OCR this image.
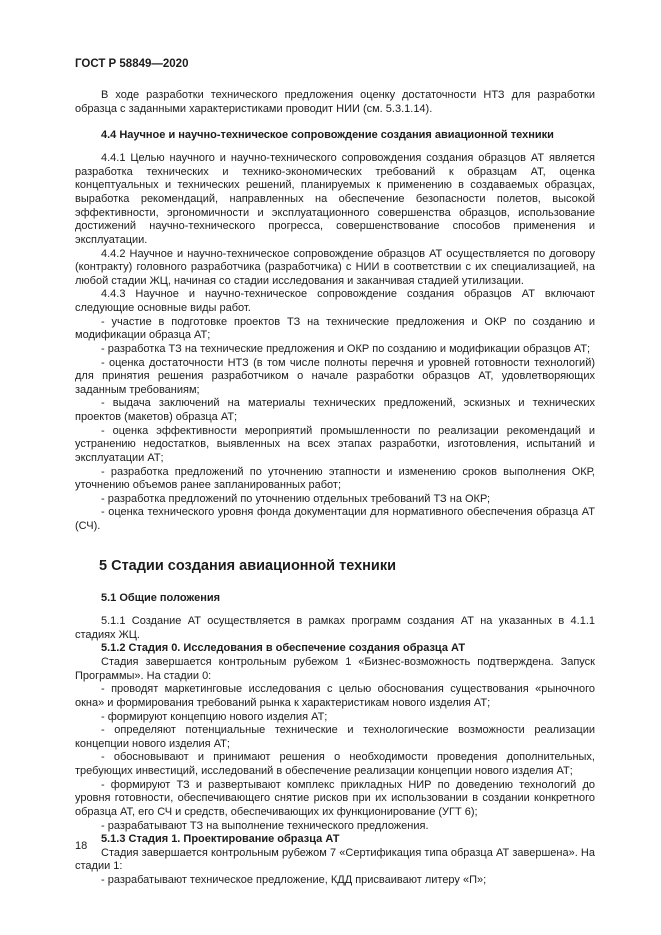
ГОСТ Р 58849—2020
В ходе разработки технического предложения оценку достаточности НТЗ для разработки образца с заданными характеристиками проводит НИИ (см. 5.3.1.14).
4.4 Научное и научно-техническое сопровождение создания авиационной техники
4.4.1 Целью научного и научно-технического сопровождения создания образцов АТ является разработка технических и технико-экономических требований к образцам АТ, оценка концептуальных и технических решений, планируемых к применению в создаваемых образцах, выработка рекомендаций, направленных на обеспечение безопасности полетов, высокой эффективности, эргономичности и эксплуатационного совершенства образцов, использование достижений научно-технического прогресса, совершенствование способов применения и эксплуатации.
4.4.2 Научное и научно-техническое сопровождение образцов АТ осуществляется по договору (контракту) головного разработчика (разработчика) с НИИ в соответствии с их специализацией, на любой стадии ЖЦ, начиная со стадии исследования и заканчивая стадией утилизации.
4.4.3 Научное и научно-техническое сопровождение создания образцов АТ включают следующие основные виды работ.
- участие в подготовке проектов ТЗ на технические предложения и ОКР по созданию и модификации образца АТ;
- разработка ТЗ на технические предложения и ОКР по созданию и модификации образцов АТ;
- оценка достаточности НТЗ (в том числе полноты перечня и уровней готовности технологий) для принятия решения разработчиком о начале разработки образцов АТ, удовлетворяющих заданным требованиям;
- выдача заключений на материалы технических предложений, эскизных и технических проектов (макетов) образца АТ;
- оценка эффективности мероприятий промышленности по реализации рекомендаций и устранению недостатков, выявленных на всех этапах разработки, изготовления, испытаний и эксплуатации АТ;
- разработка предложений по уточнению этапности и изменению сроков выполнения ОКР, уточнению объемов ранее запланированных работ;
- разработка предложений по уточнению отдельных требований ТЗ на ОКР;
- оценка технического уровня фонда документации для нормативного обеспечения образца АТ (СЧ).
5 Стадии создания авиационной техники
5.1 Общие положения
5.1.1 Создание АТ осуществляется в рамках программ создания АТ на указанных в 4.1.1 стадиях ЖЦ.
5.1.2 Стадия 0. Исследования в обеспечение создания образца АТ
Стадия завершается контрольным рубежом 1 «Бизнес-возможность подтверждена. Запуск Программы». На стадии 0:
- проводят маркетинговые исследования с целью обоснования существования «рыночного окна» и формирования требований рынка к характеристикам нового изделия АТ;
- формируют концепцию нового изделия АТ;
- определяют потенциальные технические и технологические возможности реализации концепции нового изделия АТ;
- обосновывают и принимают решения о необходимости проведения дополнительных, требующих инвестиций, исследований в обеспечение реализации концепции нового изделия АТ;
- формируют ТЗ и развертывают комплекс прикладных НИР по доведению технологий до уровня готовности, обеспечивающего снятие рисков при их использовании в создании конкретного образца АТ, его СЧ и средств, обеспечивающих их функционирование (УГТ 6);
- разрабатывают ТЗ на выполнение технического предложения.
5.1.3 Стадия 1. Проектирование образца АТ
Стадия завершается контрольным рубежом 7 «Сертификация типа образца АТ завершена». На стадии 1:
- разрабатывают техническое предложение, КДД присваивают литеру «П»;
18
